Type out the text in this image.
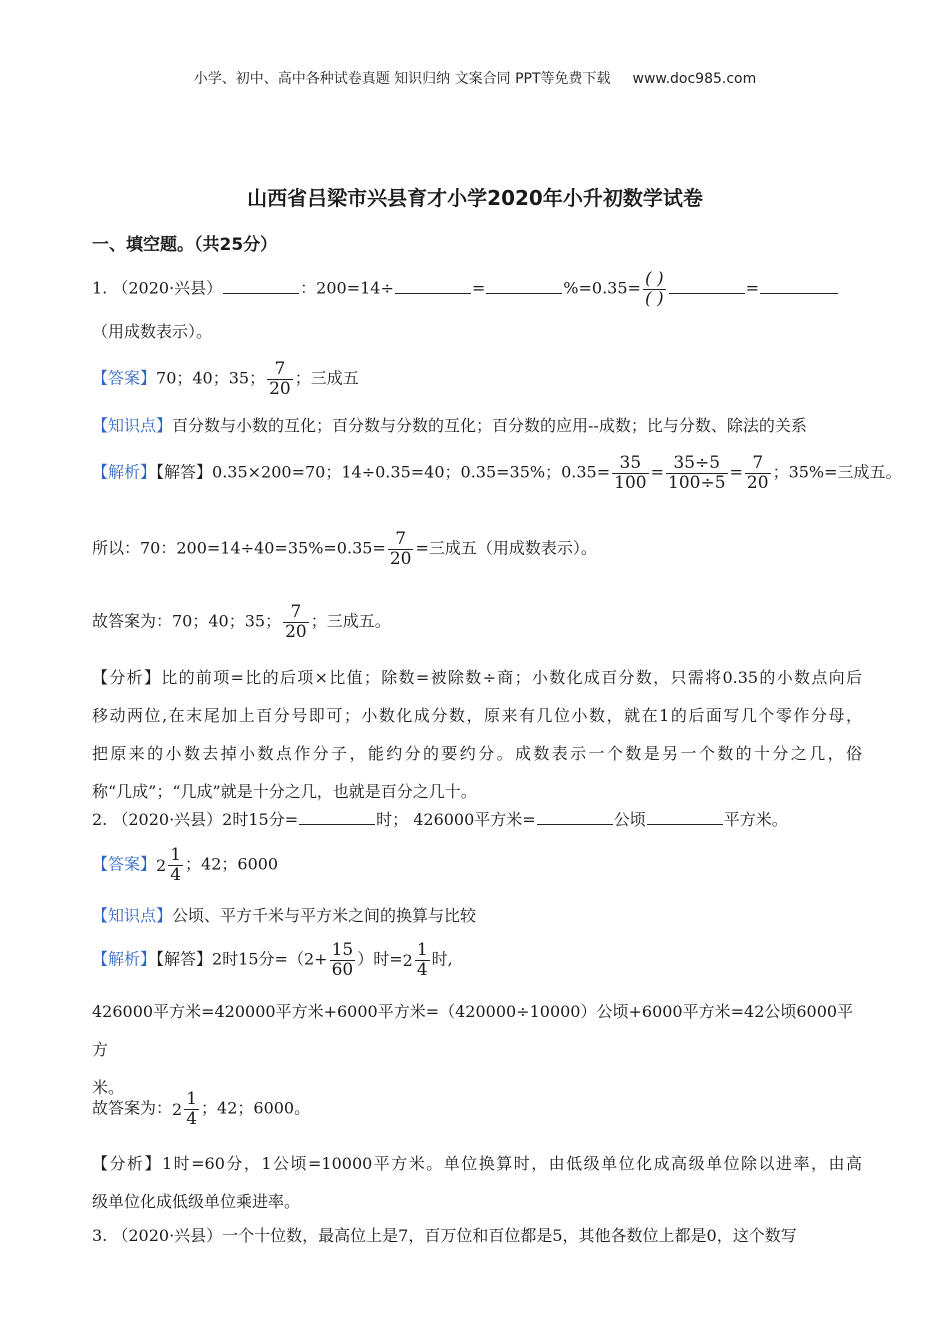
小学、初中、高中各种试卷真题 知识归纳 文案合同 PPT等免费下载 www.doc985.com
山西省吕梁市兴县育才小学2020年小升初数学试卷
一、填空题。（共25分）
1. （2020·兴县）	：200=14÷	=	$\%=0.35= \frac{( )}{( )}$	=
（用成数表示）。
【答案】70；40；35； $\frac{7}{20}$ ；三成五
【知识点】百分数与小数的互化；百分数与分数的互化；百分数的应用--成数；比与分数、除法的关系
【解析】【解答】0.35×200=70；14÷0.35=40；0.35=35%；$0.35= \frac{35}{100} = \frac{35\div 5}{100\div 5} = \frac{7}{20}$ ；35%=三成五。
所以：70：$200=14\div 40=35\%=0.35= \frac{7}{20}$ =三成五（用成数表示）。
故答案为：70；40；35； $\frac{7}{20}$ ；三成五。
【分析】比的前项=比的后项×比值；除数=被除数÷商；小数化成百分数，只需将0.35的小数点向后
移动两位,在末尾加上百分号即可；小数化成分数，原来有几位小数，就在1的后面写几个零作分母，
把原来的小数去掉小数点作分子，能约分的要约分。成数表示一个数是另一个数的十分之几，俗
称“几成”；“几成”就是十分之几，也就是百分之几十。
2. （2020·兴县）2时15分=	时； 426000平方米=	公顷	平方米。
【答案】$2 \frac{1}{4}$ ；42；6000
【知识点】公顷、平方千米与平方米之间的换算与比较
【解析】【解答】2时15分$=(2+ \frac{15}{60}$ ）时$=2 \frac{1}{4}$ 时,
426000平方米=420000平方米+6000平方米=（420000÷10000）公顷+6000平方米=42公顷6000平方
米。
故答案为：$2 \frac{1}{4}$ ；42；6000。
【分析】1时=60分，1公顷=10000平方米。单位换算时，由低级单位化成高级单位除以进率，由高
级单位化成低级单位乘进率。
3. （2020·兴县）一个十位数，最高位上是7，百万位和百位都是5，其他各数位上都是0，这个数写
